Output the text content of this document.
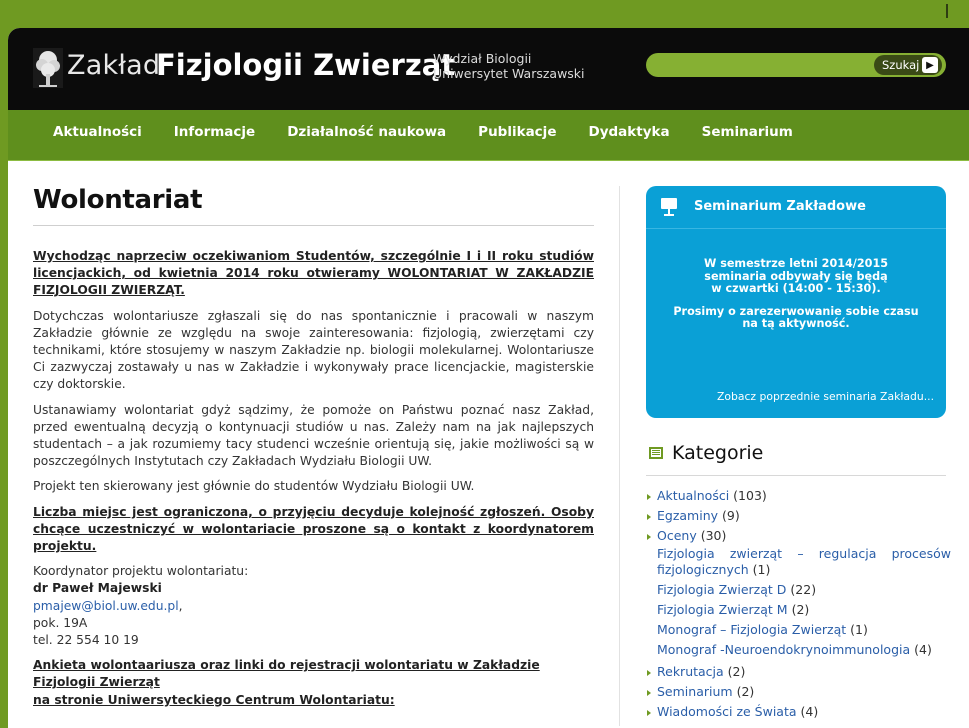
Zakład
Fizjologii Zwierząt
Wydział Biologii
Uniwersytet Warszawski
Szukaj ▶
Aktualności Informacje Działalność naukowa Publikacje Dydaktyka Seminarium
Wolontariat

Wychodząc naprzeciw oczekiwaniom Studentów, szczególnie I i II roku studiów licencjackich, od kwietnia 2014 roku otwieramy WOLONTARIAT W ZAKŁADZIE FIZJOLOGII ZWIERZĄT.

Dotychczas wolontariusze zgłaszali się do nas spontanicznie i pracowali w naszym Zakładzie głównie ze względu na swoje zainteresowania: fizjologią, zwierzętami czy technikami, które stosujemy w naszym Zakładzie np. biologii molekularnej. Wolontariusze Ci zazwyczaj zostawały u nas w Zakładzie i wykonywały prace licencjackie, magisterskie czy doktorskie.

Ustanawiamy wolontariat gdyż sądzimy, że pomoże on Państwu poznać nasz Zakład, przed ewentualną decyzją o kontynuacji studiów u nas. Zależy nam na jak najlepszych studentach – a jak rozumiemy tacy studenci wcześnie orientują się, jakie możliwości są w poszczególnych Instytutach czy Zakładach Wydziału Biologii UW.

Projekt ten skierowany jest głównie do studentów Wydziału Biologii UW.

Liczba miejsc jest ograniczona, o przyjęciu decyduje kolejność zgłoszeń. Osoby chcące uczestniczyć w wolontariacie proszone są o kontakt z koordynatorem projektu.

Koordynator projektu wolontariatu:
dr Paweł Majewski
pmajew@biol.uw.edu.pl,
pok. 19A
tel. 22 554 10 19

Ankieta wolontaariusza oraz linki do rejestracji wolontariatu w Zakładzie Fizjologii Zwierząt
na stronie Uniwersyteckiego Centrum Wolontariatu:

Seminarium Zakładowe
W semestrze letni 2014/2015
seminaria odbywały się będą
w czwartki (14:00 - 15:30).
Prosimy o zarezerwowanie sobie czasu
na tą aktywność.
Zobacz poprzednie seminaria Zakładu...
Kategorie
Aktualności (103)
Egzaminy (9)
Oceny (30)
Fizjologia zwierząt – regulacja procesów fizjologicznych (1)
Fizjologia Zwierząt D (22)
Fizjologia Zwierząt M (2)
Monograf – Fizjologia Zwierząt (1)
Monograf -Neuroendokrynoimmunologia (4)
Rekrutacja (2)
Seminarium (2)
Wiadomości ze Świata (4)
